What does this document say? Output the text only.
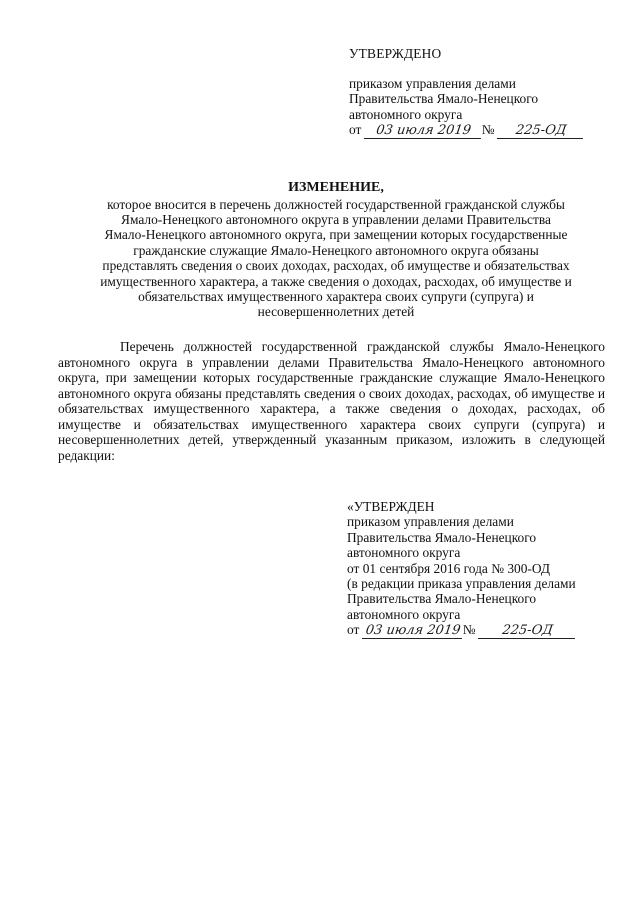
УТВЕРЖДЕНО
приказом управления делами
Правительства Ямало-Ненецкого
автономного округа
от 03 июля 2019 № 225-ОД
ИЗМЕНЕНИЕ,
которое вносится в перечень должностей государственной гражданской службы
Ямало-Ненецкого автономного округа в управлении делами Правительства
Ямало-Ненецкого автономного округа, при замещении которых государственные
гражданские служащие Ямало-Ненецкого автономного округа обязаны
представлять сведения о своих доходах, расходах, об имуществе и обязательствах
имущественного характера, а также сведения о доходах, расходах, об имуществе и
обязательствах имущественного характера своих супруги (супруга) и
несовершеннолетних детей
Перечень должностей государственной гражданской службы Ямало-Ненецкого автономного округа в управлении делами Правительства Ямало-Ненецкого автономного округа, при замещении которых государственные гражданские служащие Ямало-Ненецкого автономного округа обязаны представлять сведения о своих доходах, расходах, об имуществе и обязательствах имущественного характера, а также сведения о доходах, расходах, об имуществе и обязательствах имущественного характера своих супруги (супруга) и несовершеннолетних детей, утвержденный указанным приказом, изложить в следующей редакции:
«УТВЕРЖДЕН
приказом управления делами
Правительства Ямало-Ненецкого
автономного округа
от 01 сентября 2016 года № 300-ОД
(в редакции приказа управления делами
Правительства Ямало-Ненецкого
автономного округа
от 03 июля 2019 № 225-ОД
